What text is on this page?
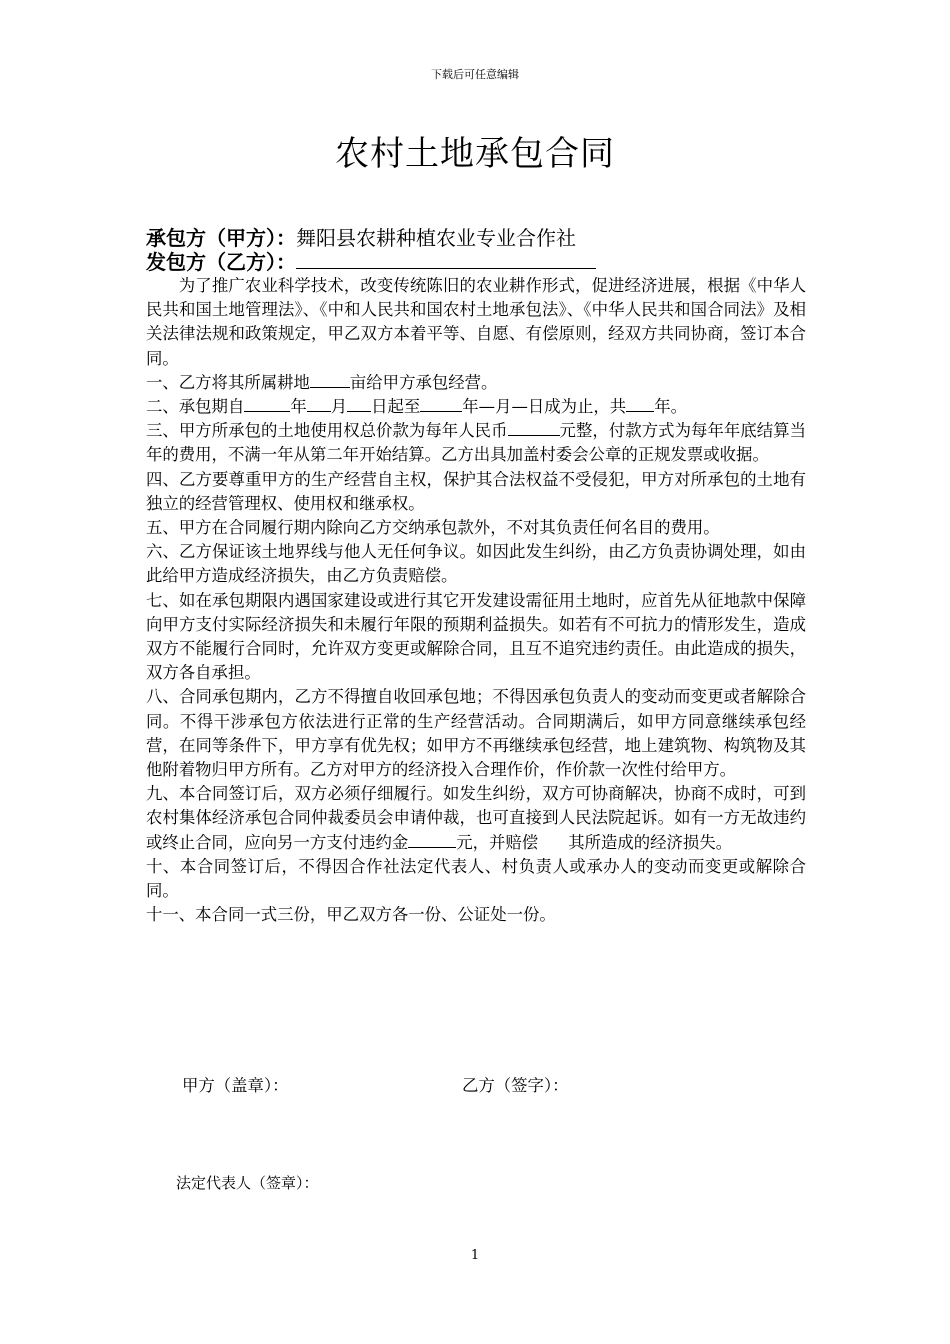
下载后可任意编辑
农村土地承包合同
承包方（甲方）：舞阳县农耕种植农业专业合作社
发包方（乙方）：

为了推广农业科学技术，改变传统陈旧的农业耕作形式，促进经济进展，根据《中华人民共和国土地管理法》、《中和人民共和国农村土地承包法》、《中华人民共和国合同法》及相关法律法规和政策规定，甲乙双方本着平等、自愿、有偿原则，经双方共同协商，签订本合同。

一、乙方将其所属耕地 亩给甲方承包经营。

二、承包期自	年 月 日起至	年—月—日成为止，共 年。

三、甲方所承包的土地使用权总价款为每年人民币	元整，付款方式为每年年底结算当年的费用，不满一年从第二年开始结算。乙方出具加盖村委会公章的正规发票或收据。

四、乙方要尊重甲方的生产经营自主权，保护其合法权益不受侵犯，甲方对所承包的土地有独立的经营管理权、使用权和继承权。

五、甲方在合同履行期内除向乙方交纳承包款外，不对其负责任何名目的费用。

六、乙方保证该土地界线与他人无任何争议。如因此发生纠纷，由乙方负责协调处理，如由此给甲方造成经济损失，由乙方负责赔偿。

七、如在承包期限内遇国家建设或进行其它开发建设需征用土地时，应首先从征地款中保障向甲方支付实际经济损失和未履行年限的预期利益损失。如若有不可抗力的情形发生，造成双方不能履行合同时，允许双方变更或解除合同，且互不追究违约责任。由此造成的损失，双方各自承担。

八、合同承包期内，乙方不得擅自收回承包地；不得因承包负责人的变动而变更或者解除合同。不得干涉承包方依法进行正常的生产经营活动。合同期满后，如甲方同意继续承包经营，在同等条件下，甲方享有优先权；如甲方不再继续承包经营，地上建筑物、构筑物及其他附着物归甲方所有。乙方对甲方的经济投入合理作价，作价款一次性付给甲方。

九、本合同签订后，双方必须仔细履行。如发生纠纷，双方可协商解决，协商不成时，可到农村集体经济承包合同仲裁委员会申请仲裁，也可直接到人民法院起诉。如有一方无故违约或终止合同，应向另一方支付违约金	元，并赔偿 其所造成的经济损失。

十、本合同签订后，不得因合作社法定代表人、村负责人或承办人的变动而变更或解除合同。

十一、本合同一式三份，甲乙双方各一份、公证处一份。

甲方（盖章）：	乙方（签字）：
法定代表人（签章）：
1
